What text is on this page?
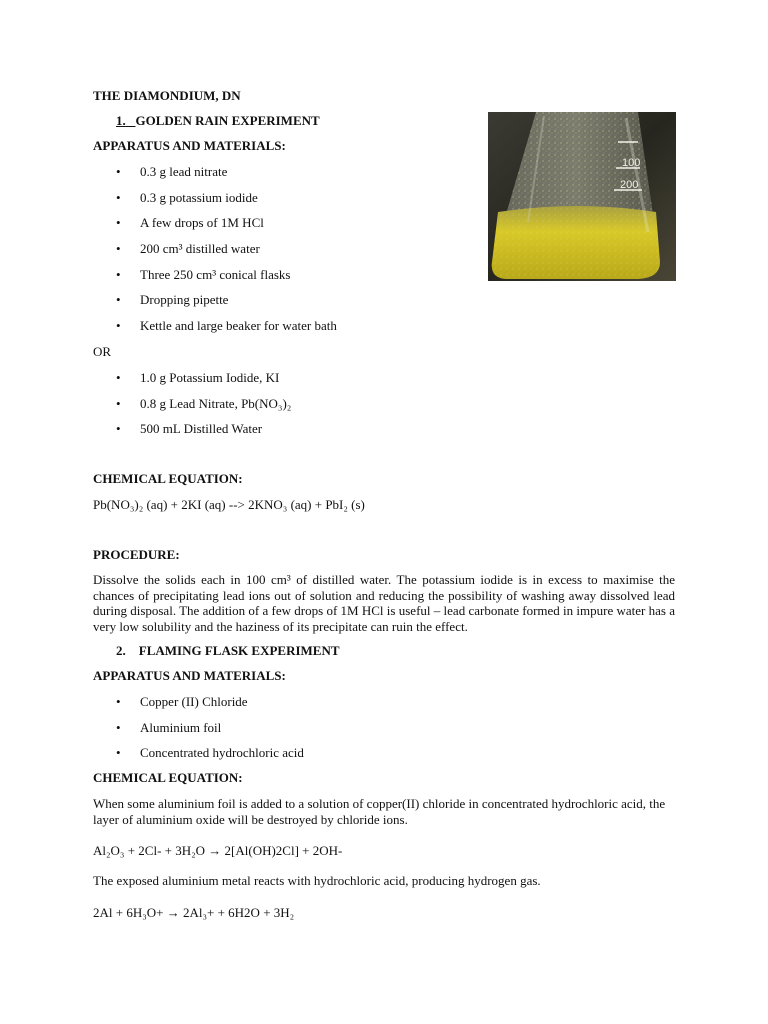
THE DIAMONDIUM, DN
1. GOLDEN RAIN EXPERIMENT
APPARATUS AND MATERIALS:
• 0.3 g lead nitrate
• 0.3 g potassium iodide
• A few drops of 1M HCl
• 200 cm³ distilled water
• Three 250 cm³ conical flasks
• Dropping pipette
• Kettle and large beaker for water bath
OR
• 1.0 g Potassium Iodide, KI
• 0.8 g Lead Nitrate, Pb(NO₃)₂
• 500 mL Distilled Water
CHEMICAL EQUATION:
Pb(NO₃)₂ (aq) + 2KI (aq) --> 2KNO₃ (aq) + PbI₂ (s)
PROCEDURE:
Dissolve the solids each in 100 cm³ of distilled water. The potassium iodide is in excess to maximise the chances of precipitating lead ions out of solution and reducing the possibility of washing away dissolved lead during disposal. The addition of a few drops of 1M HCl is useful – lead carbonate formed in impure water has a very low solubility and the haziness of its precipitate can ruin the effect.
2. FLAMING FLASK EXPERIMENT
APPARATUS AND MATERIALS:
• Copper (II) Chloride
• Aluminium foil
• Concentrated hydrochloric acid
CHEMICAL EQUATION:
When some aluminium foil is added to a solution of copper(II) chloride in concentrated hydrochloric acid, the layer of aluminium oxide will be destroyed by chloride ions.
Al₂O₃ + 2Cl- + 3H₂O → 2[Al(OH)2Cl] + 2OH-
The exposed aluminium metal reacts with hydrochloric acid, producing hydrogen gas.
2Al + 6H₃O+ → 2Al₃+ + 6H2O + 3H₂
100
200
